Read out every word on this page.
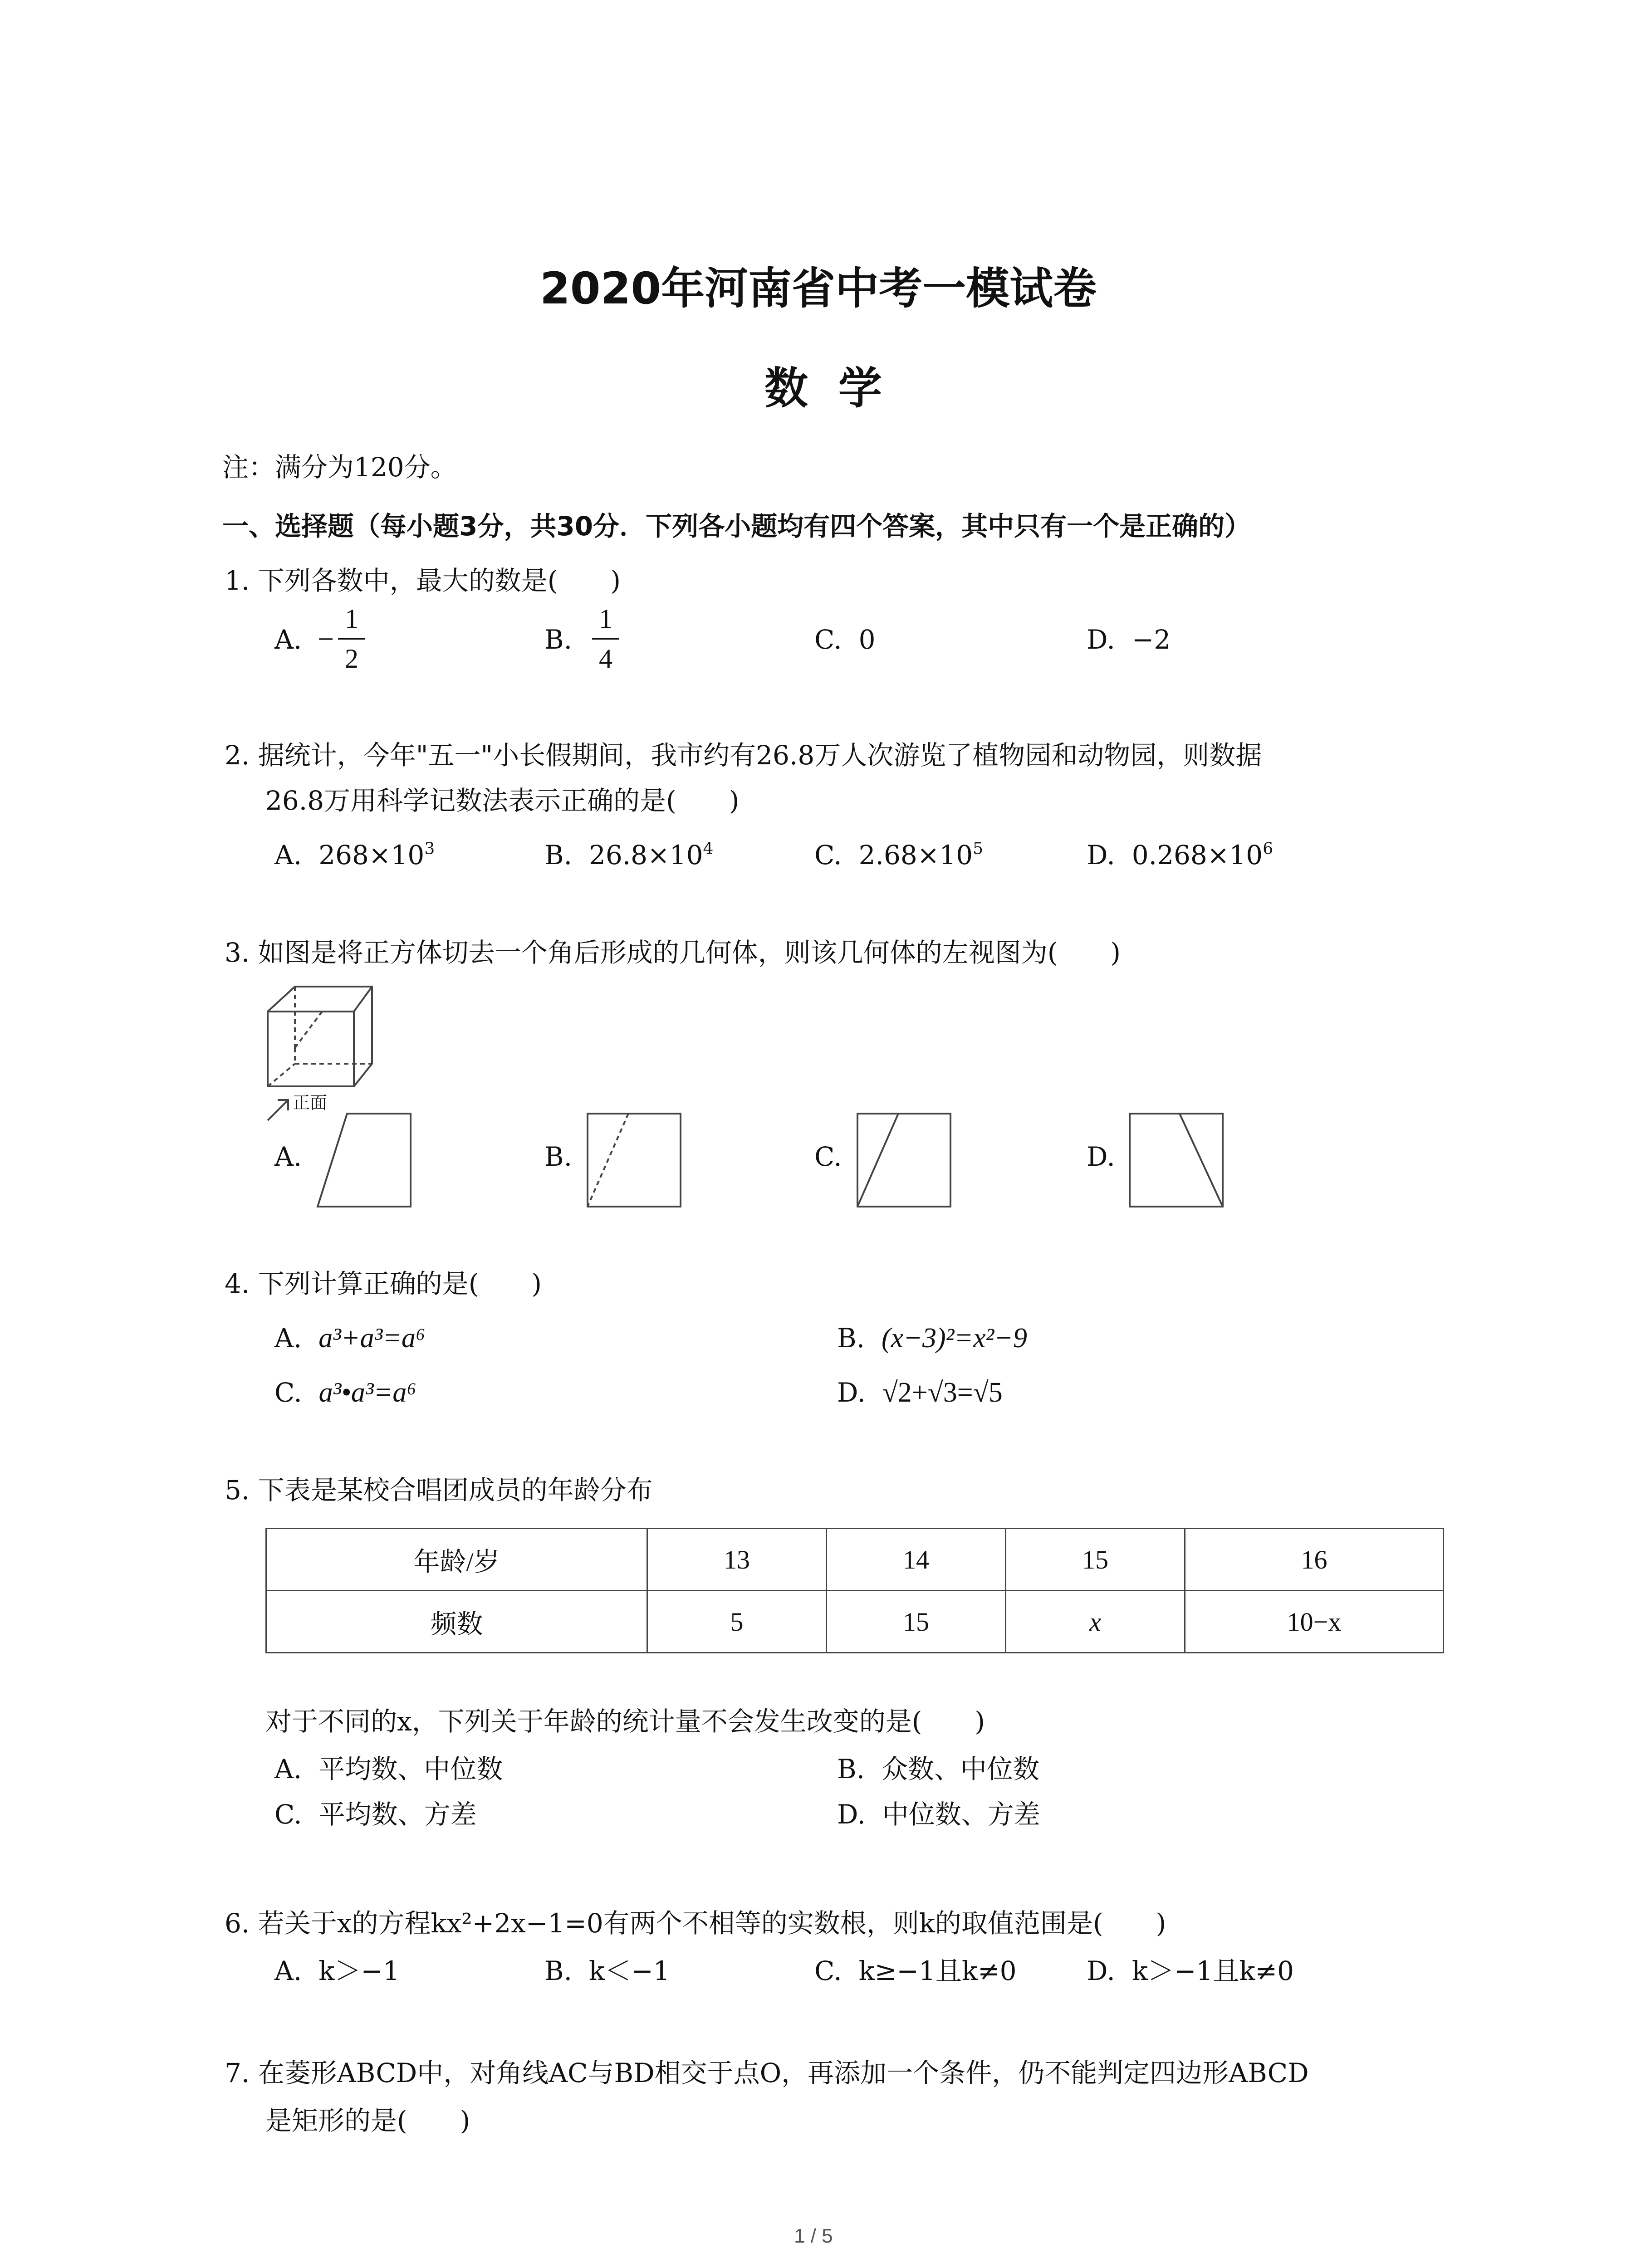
2020年河南省中考一模试卷
数  学
注：满分为120分。
一、选择题（每小题3分，共30分．下列各小题均有四个答案，其中只有一个是正确的）
1. 下列各数中，最大的数是(　　)
A. −
1
2
B.
1
4
C.  0	D.  −2
2. 据统计，今年"五一"小长假期间，我市约有26.8万人次游览了植物园和动物园，则数据
26.8万用科学记数法表示正确的是(　　)
A. $268\times 10^3$	B. $26.8\times 10^4$	C. $2.68\times 10^5$	D. $0.268\times 10^6$
3. 如图是将正方体切去一个角后形成的几何体，则该几何体的左视图为(　　)
正面
A.	B.	C.	D.
4. 下列计算正确的是(　　)
A. a³+a³=a⁶	B. (x−3)²=x²−9
C. a³•a³=a⁶	D. √2+√3=√5
5. 下表是某校合唱团成员的年龄分布
年龄/岁	13	14	15	16
频数	5	15	x	10−x
对于不同的x，下列关于年龄的统计量不会发生改变的是(　　)
A.  平均数、中位数	B.  众数、中位数
C.  平均数、方差	D.  中位数、方差
6. 若关于x的方程kx²+2x−1=0有两个不相等的实数根，则k的取值范围是(　　)
A.  k＞−1	B.  k＜−1	C.  k≥−1且k≠0	D.  k＞−1且k≠0
7. 在菱形ABCD中，对角线AC与BD相交于点O，再添加一个条件，仍不能判定四边形ABCD
是矩形的是(　　)
1 / 5
